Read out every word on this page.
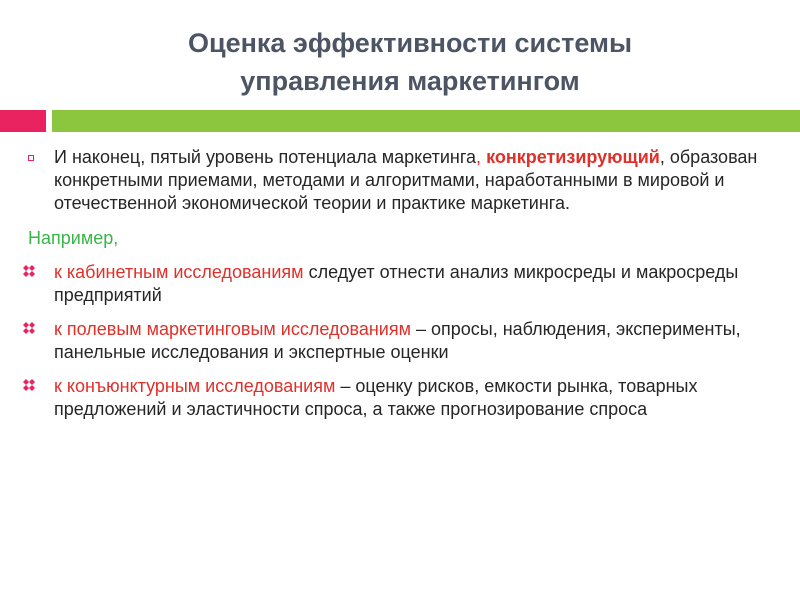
Оценка эффективности системы
управления маркетингом
И наконец, пятый уровень потенциала маркетинга, конкретизирующий, образован конкретными приемами, методами и алгоритмами, наработанными в мировой и отечественной экономической теории и практике маркетинга.
Например,
к кабинетным исследованиям следует отнести анализ микросреды и макросреды предприятий
к полевым маркетинговым исследованиям – опросы, наблюдения, эксперименты, панельные исследования и экспертные оценки
к конъюнктурным исследованиям – оценку рисков, емкости рынка, товарных предложений и эластичности спроса, а также прогнозирование спроса
